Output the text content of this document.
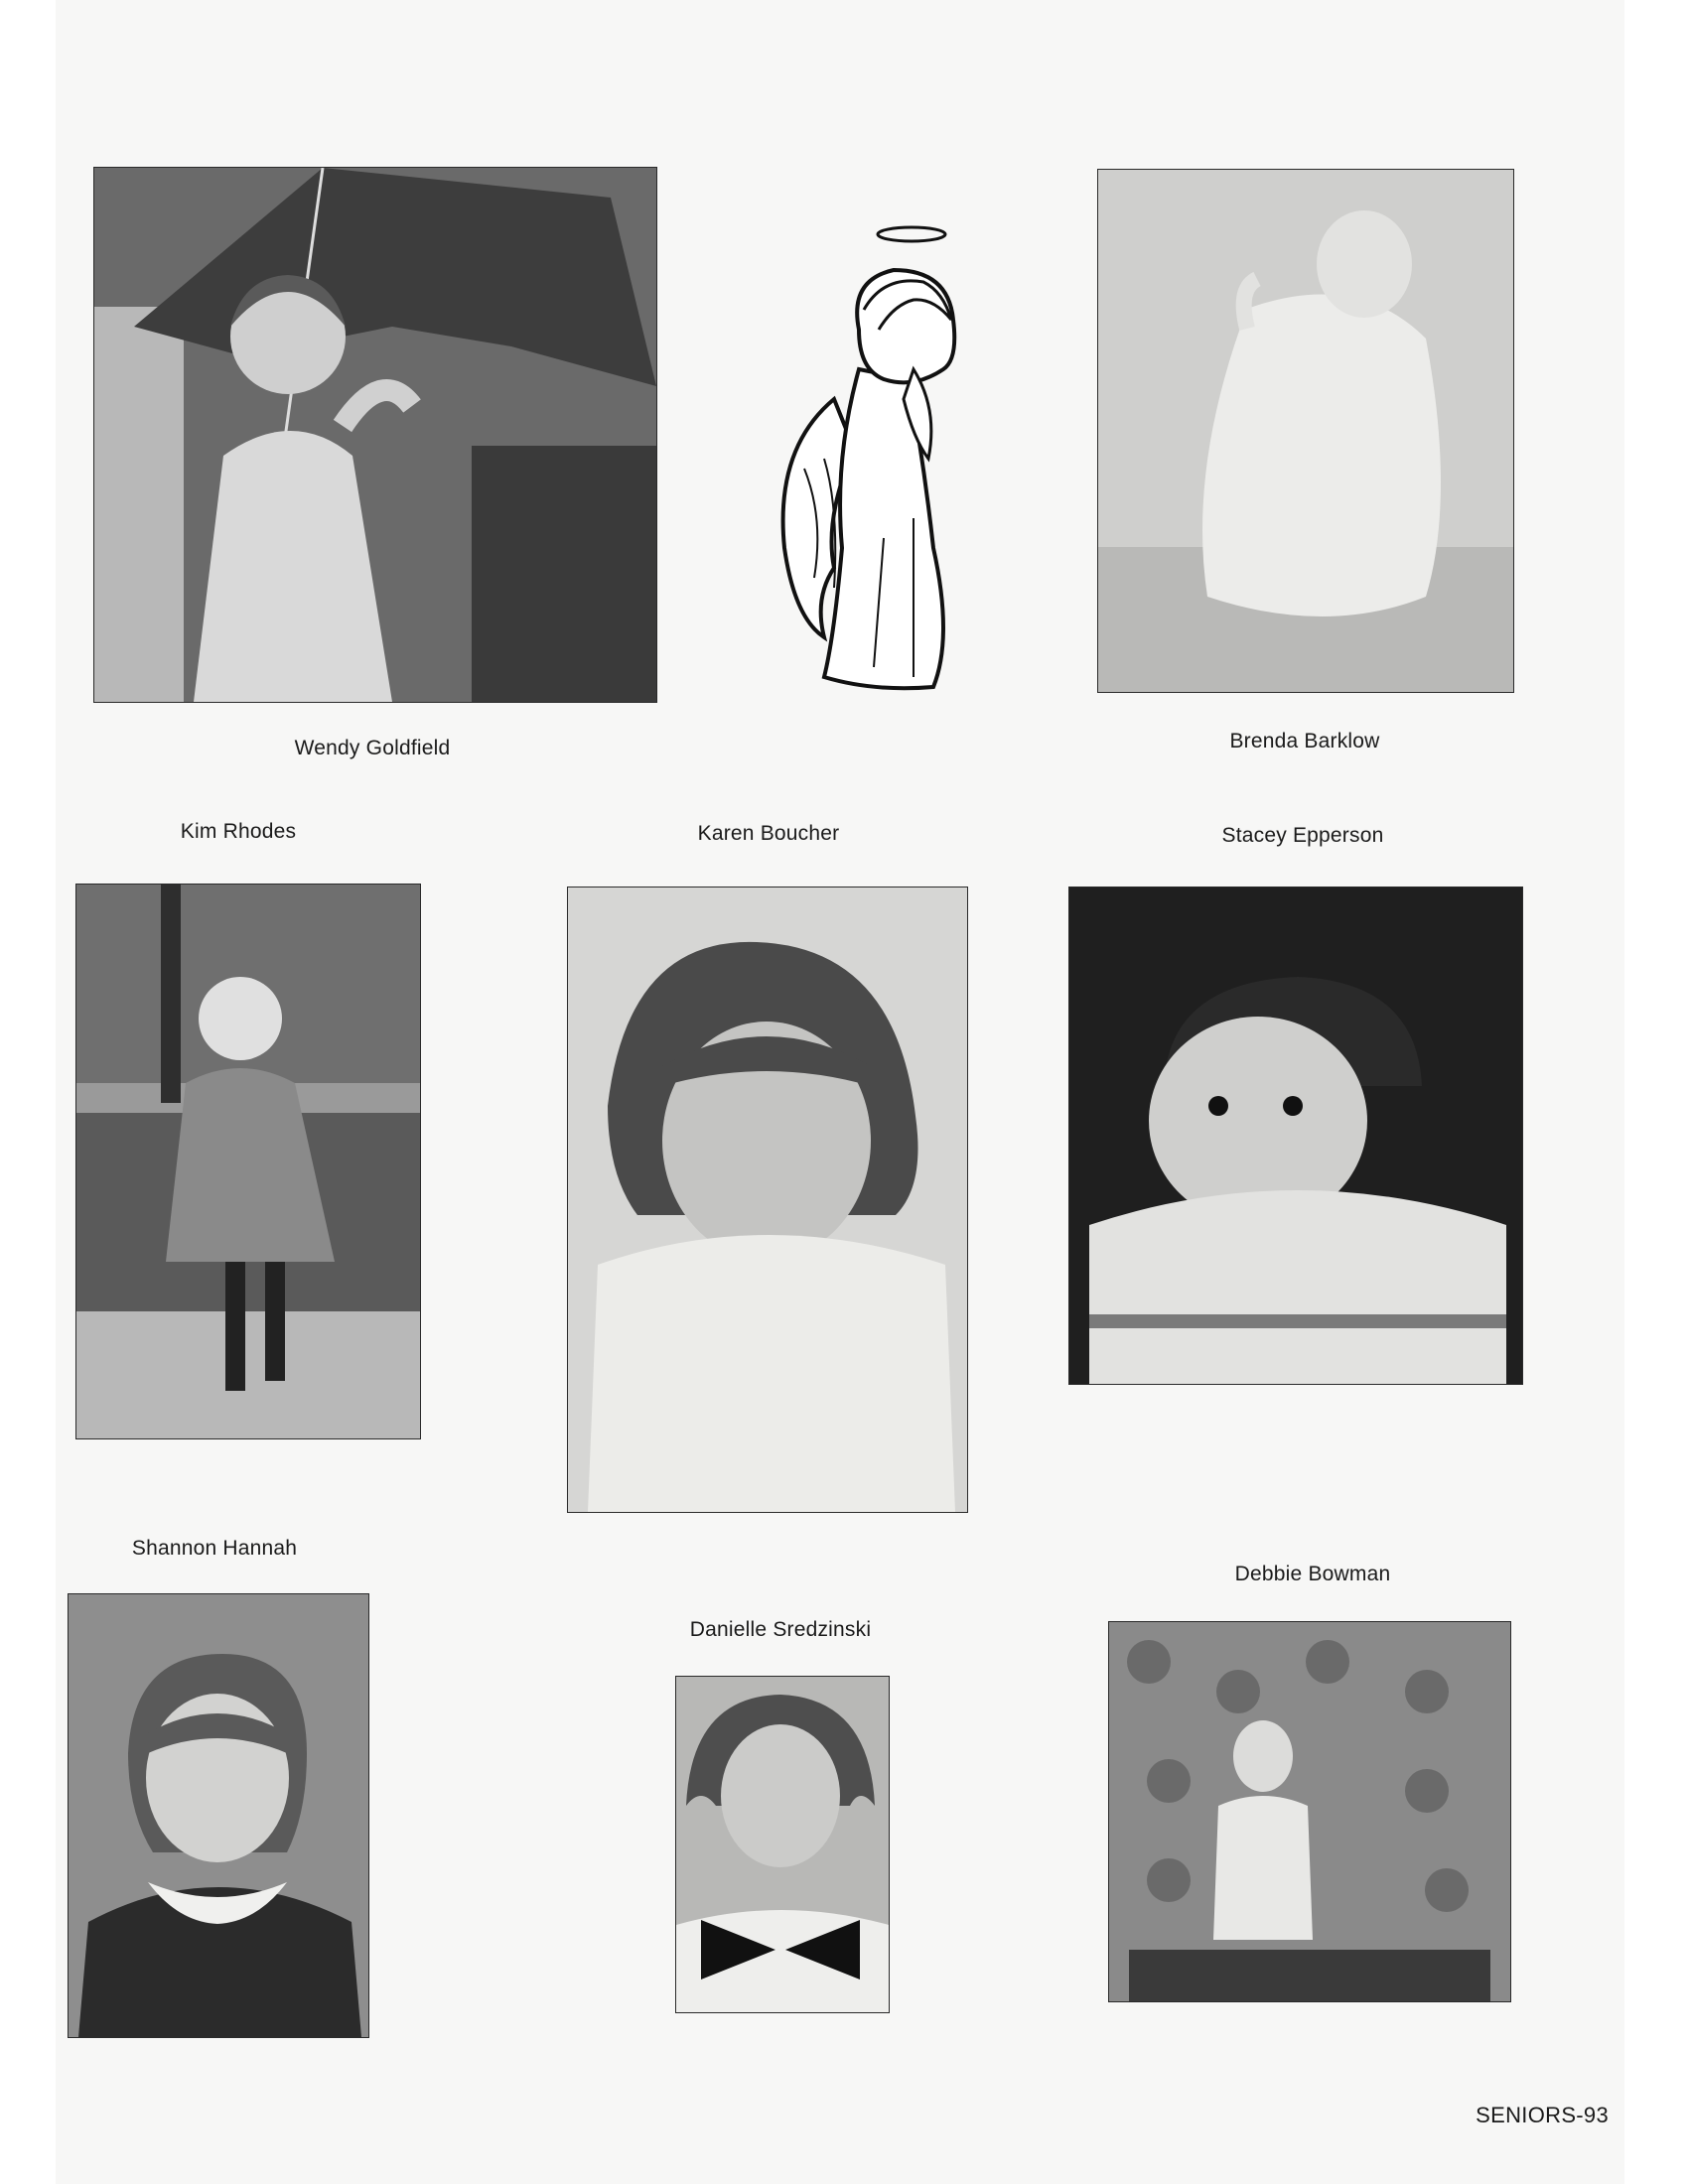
Wendy Goldfield	Brenda Barklow
Kim Rhodes	Karen Boucher	Stacey Epperson
Shannon Hannah
Debbie Bowman
Danielle Sredzinski
SENIORS-93
